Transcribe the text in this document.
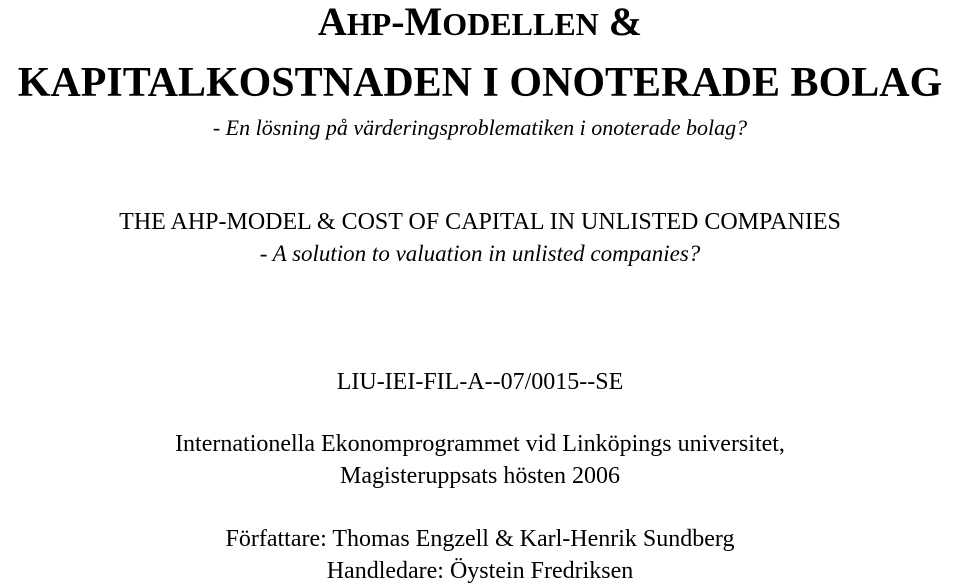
AHP-MODELLEN &
KAPITALKOSTNADEN I ONOTERADE BOLAG
- En lösning på värderingsproblematiken i onoterade bolag?
THE AHP-MODEL & COST OF CAPITAL IN UNLISTED COMPANIES
- A solution to valuation in unlisted companies?
LIU-IEI-FIL-A--07/0015--SE
Internationella Ekonomprogrammet vid Linköpings universitet,
Magisteruppsats hösten 2006
Författare: Thomas Engzell & Karl-Henrik Sundberg
Handledare: Öystein Fredriksen
